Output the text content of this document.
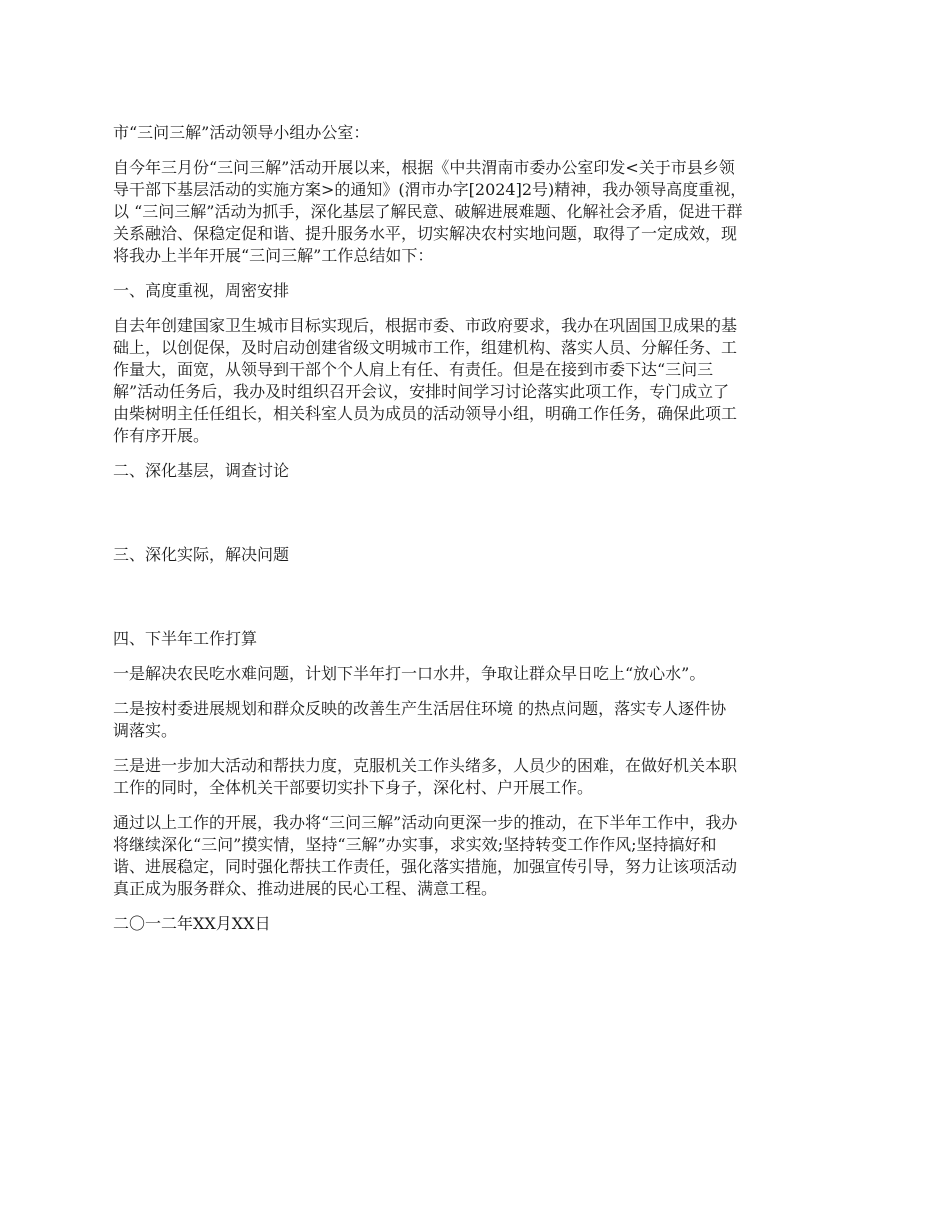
市“三问三解”活动领导小组办公室：

自今年三月份“三问三解”活动开展以来，根据《中共渭南市委办公室印发<关于市县乡领

导干部下基层活动的实施方案>的通知》(渭市办字[2024]2号)精神，我办领导高度重视，

以 “三问三解”活动为抓手，深化基层了解民意、破解进展难题、化解社会矛盾，促进干群

关系融洽、保稳定促和谐、提升服务水平，切实解决农村实地问题，取得了一定成效，现

将我办上半年开展“三问三解”工作总结如下：

一、高度重视，周密安排

自去年创建国家卫生城市目标实现后，根据市委、市政府要求，我办在巩固国卫成果的基

础上，以创促保，及时启动创建省级文明城市工作，组建机构、落实人员、分解任务、工

作量大，面宽，从领导到干部个个人肩上有任、有责任。但是在接到市委下达“三问三

解”活动任务后，我办及时组织召开会议，安排时间学习讨论落实此项工作，专门成立了

由柴树明主任任组长，相关科室人员为成员的活动领导小组，明确工作任务，确保此项工

作有序开展。

二、深化基层，调查讨论

三、深化实际，解决问题

四、下半年工作打算

一是解决农民吃水难问题，计划下半年打一口水井，争取让群众早日吃上“放心水”。

二是按村委进展规划和群众反映的改善生产生活居住环境 的热点问题，落实专人逐件协

调落实。

三是进一步加大活动和帮扶力度，克服机关工作头绪多，人员少的困难，在做好机关本职

工作的同时，全体机关干部要切实扑下身子，深化村、户开展工作。

通过以上工作的开展，我办将“三问三解”活动向更深一步的推动，在下半年工作中，我办

将继续深化“三问”摸实情，坚持“三解”办实事，求实效;坚持转变工作作风;坚持搞好和

谐、进展稳定，同时强化帮扶工作责任，强化落实措施，加强宣传引导，努力让该项活动

真正成为服务群众、推动进展的民心工程、满意工程。

二〇一二年XX月XX日
